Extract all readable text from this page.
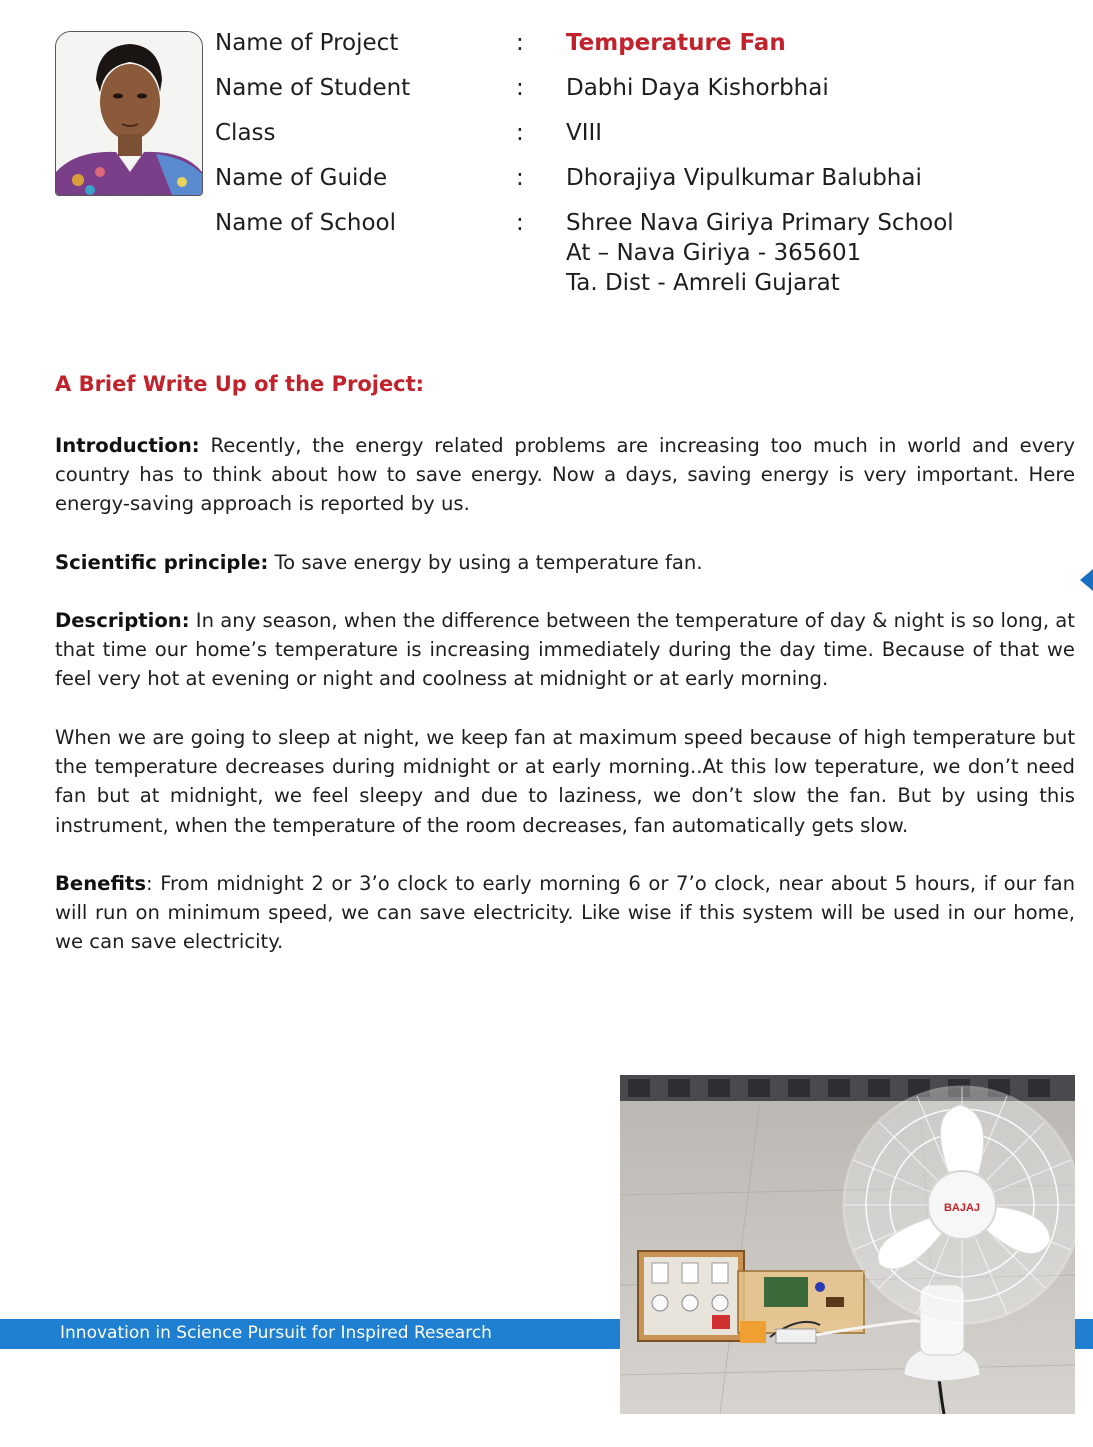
Name of Project	: Temperature Fan
Name of Student	: Dabhi Daya Kishorbhai
Class	: VIII
Name of Guide	: Dhorajiya Vipulkumar Balubhai
Name of School	: Shree Nava Giriya Primary School
At – Nava Giriya - 365601
Ta. Dist - Amreli Gujarat
A Brief Write Up of the Project:

Introduction: Recently, the energy related problems are increasing too much in world and every country has to think about how to save energy. Now a days, saving energy is very important. Here energy-saving approach is reported by us.

Scientific principle: To save energy by using a temperature fan.

Description: In any season, when the difference between the temperature of day & night is so long, at that time our home’s temperature is increasing immediately during the day time. Because of that we feel very hot at evening or night and coolness at midnight or at early morning.

When we are going to sleep at night, we keep fan at maximum speed because of high temperature but the temperature decreases during midnight or at early morning..At this low teperature, we don’t need fan but at midnight, we feel sleepy and due to laziness, we don’t slow the fan. But by using this instrument, when the temperature of the room decreases, fan automatically gets slow.

Benefits: From midnight 2 or 3’o clock to early morning 6 or 7’o clock, near about 5 hours, if our fan will run on minimum speed, we can save electricity. Like wise if this system will be used in our home, we can save electricity.

Innovation in Science Pursuit for Inspired Research
BAJAJ
